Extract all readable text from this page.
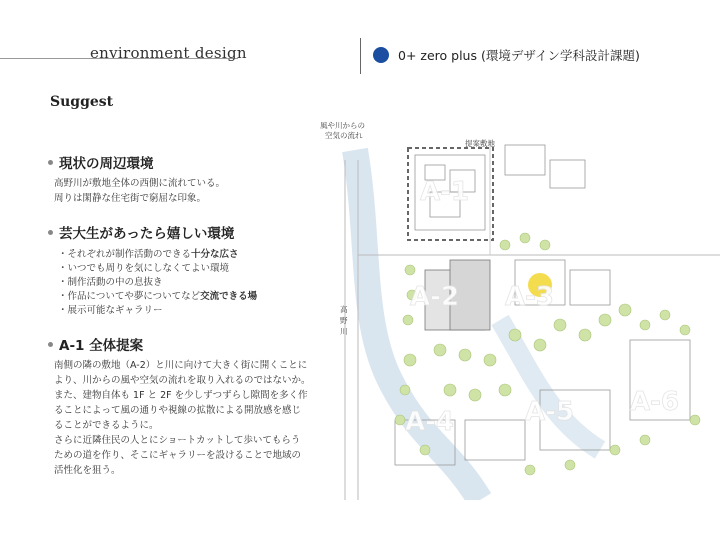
environment design	0+ zero plus (環境デザイン学科設計課題)
Suggest
現状の周辺環境
高野川が敷地全体の西側に流れている。
周りは閑静な住宅街で窮屈な印象。
芸大生があったら嬉しい環境
・ それぞれが制作活動のできる十分な広さ
・ いつでも周りを気にしなくてよい環境
・ 制作活動の中の息抜き
・ 作品についてや夢についてなど交流できる場
・ 展示可能なギャラリー
A-1 全体提案
南側の隣の敷地（A-2）と川に向けて大きく街に開くことに
より、川からの風や空気の流れを取り入れるのではないか。
また、建物自体も 1F と 2F を少しずつずらし隙間を多く作
ることによって風の通りや視線の拡散による開放感を感じ
ることができるように。
さらに近隣住民の人とにショートカットして歩いてもらう
ための道を作り、そこにギャラリーを設けることで地域の
活性化を狙う。
A-1
A-2 A-3
A-4	A-5 A-6
風や川からの
空気の流れ
提案敷地
高
野
川
